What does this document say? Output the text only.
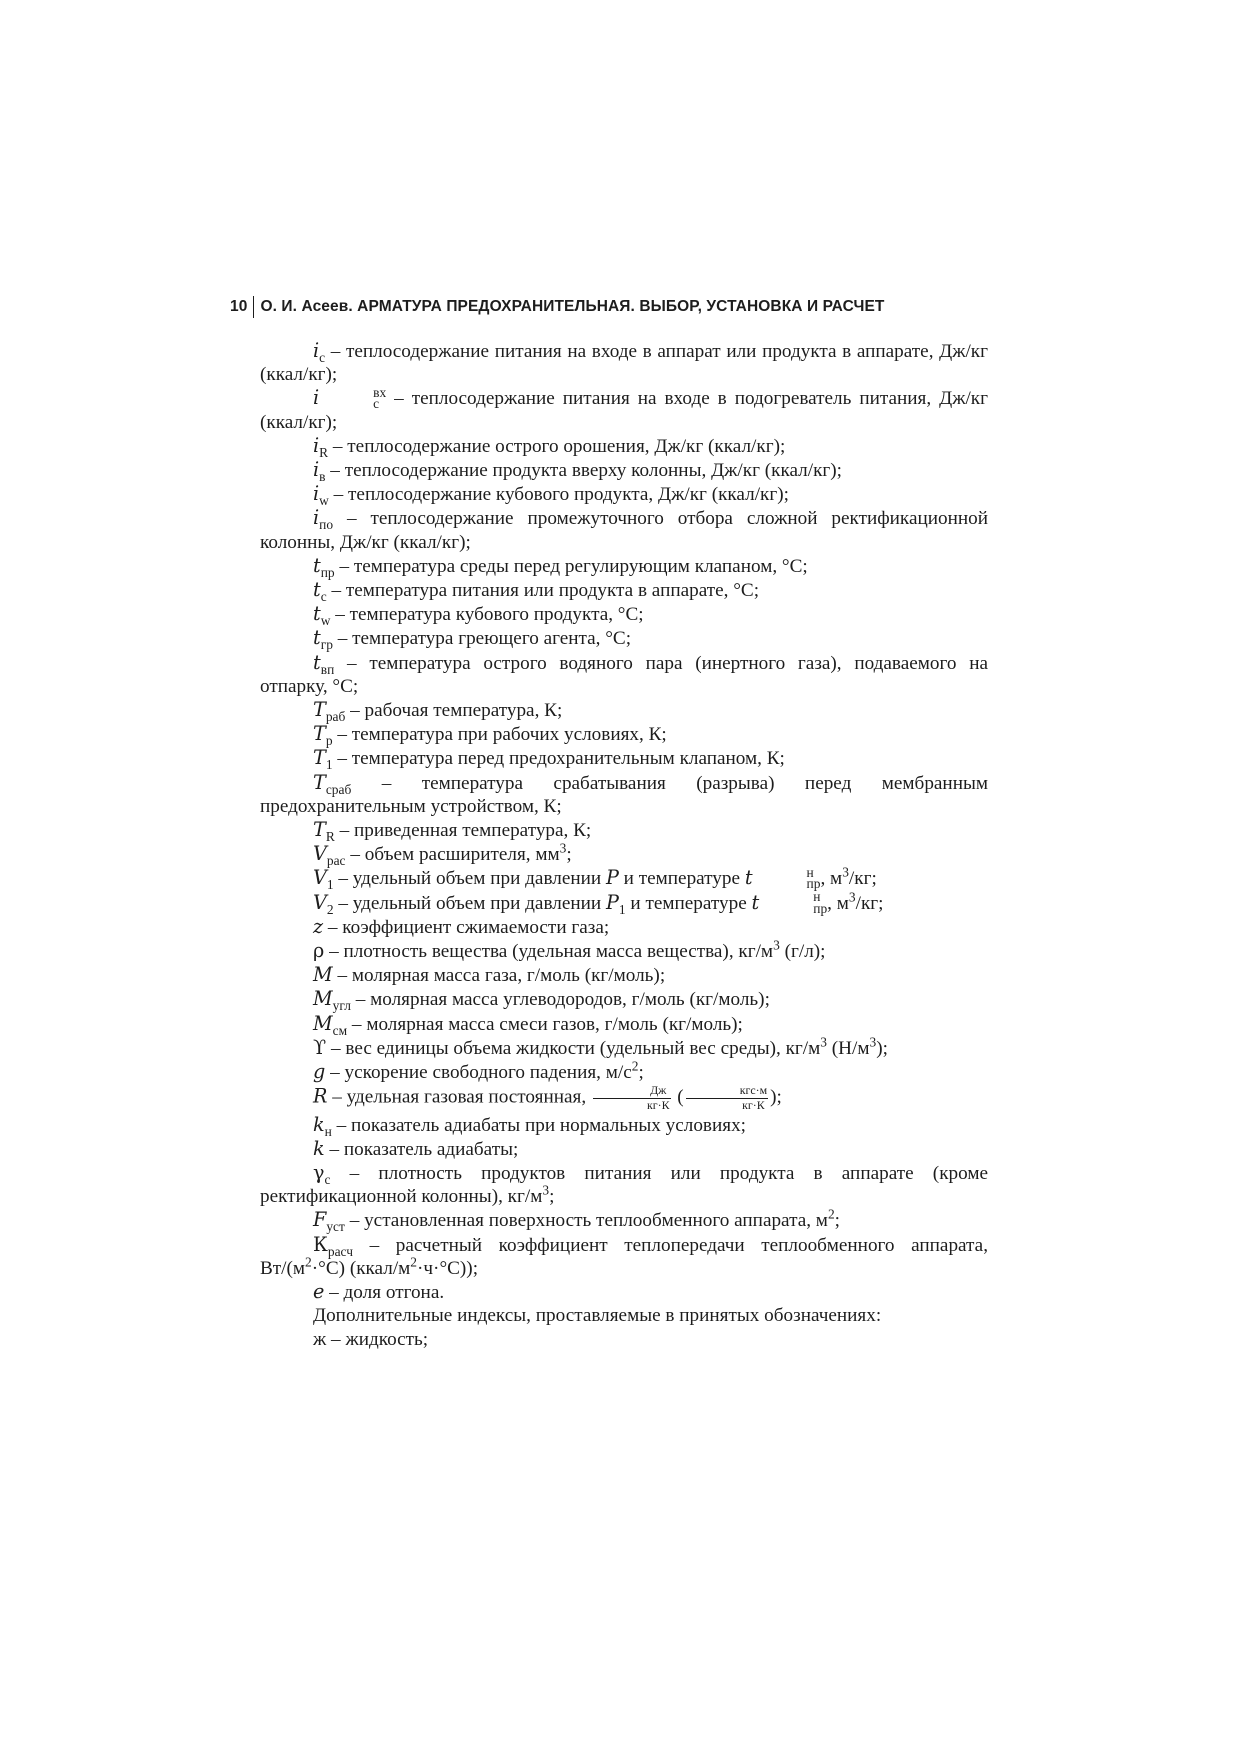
10 О. И. Асеев. АРМАТУРА ПРЕДОХРАНИТЕЛЬНАЯ. ВЫБОР, УСТАНОВКА И РАСЧЕТ

$i_с$ – теплосодержание питания на входе в аппарат или продукта в аппарате, Дж/кг (ккал/кг);

i	вх
с – теплосодержание питания на входе в подогреватель питания, Дж/кг (ккал/кг);

$i_R$ – теплосодержание острого орошения, Дж/кг (ккал/кг);

$i_в$ – теплосодержание продукта вверху колонны, Дж/кг (ккал/кг);

$i_w$ – теплосодержание кубового продукта, Дж/кг (ккал/кг);

$i_{по}$ – теплосодержание промежуточного отбора сложной ректификационной колонны, Дж/кг (ккал/кг);

$t_{пр}$ – температура среды перед регулирующим клапаном, °С;

$t_с$ – температура питания или продукта в аппарате, °С;

$t_w$ – температура кубового продукта, °С;

$t_{гр}$ – температура греющего агента, °С;

$t_{вп}$ – температура острого водяного пара (инертного газа), подаваемого на отпарку, °С;

$T_{раб}$ – рабочая температура, К;

$T_р$ – температура при рабочих условиях, К;

$T_1$ – температура перед предохранительным клапаном, К;

$T_{сраб}$ – температура срабатывания (разрыва) перед мембранным предохранительным устройством, К;

$T_R$ – приведенная температура, К;

$V_{рас}$ – объем расширителя, $мм^3$;

$V_1$ – удельный объем при давлении P и температуре t	н
пр , $м^3/кг$;

$V_2$ – удельный объем при давлении $P_1$ и температуре t	н
пр , $м^3/кг$;

z – коэффициент сжимаемости газа;

ρ – плотность вещества (удельная масса вещества), $кг/м^3$ (г/л);

M – молярная масса газа, г/моль (кг/моль);

$M_{угл}$ – молярная масса углеводородов, г/моль (кг/моль);

$M_{см}$ – молярная масса смеси газов, г/моль (кг/моль);

ϒ – вес единицы объема жидкости (удельный вес среды), $кг/м^3$ $(Н/м^3)$;

g – ускорение свободного падения, $м/с^2$;

R – удельная газовая постоянная, $\frac{Дж}{кг\cdot К}$ ( $\frac{\text{кгс·м}}{кг\cdot К}$ );

$k_н$ – показатель адиабаты при нормальных условиях;

k – показатель адиабаты;

$\gamma_с$ – плотность продуктов питания или продукта в аппарате (кроме ректификационной колонны), $кг/м^3$;

$F_{уст}$ – установленная поверхность теплообменного аппарата, $м^2$;

$К_{расч}$ – расчетный коэффициент теплопередачи теплообменного аппарата, $Вт/(м^2\cdot^\circ С)$ $(ккал/м^2\cdot ч\cdot^\circ С)$);

e – доля отгона.

Дополнительные индексы, проставляемые в принятых обозначениях:

ж – жидкость;
